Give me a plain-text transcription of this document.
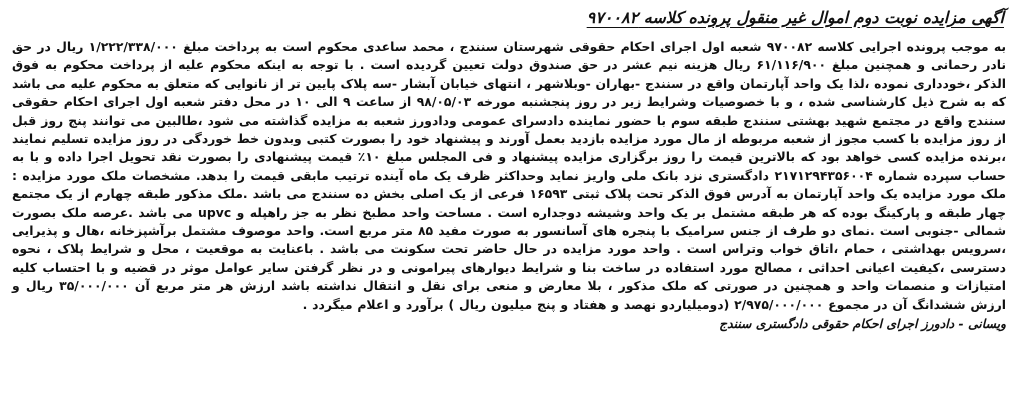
آگهی مزایده نوبت دوم اموال غیر منقول پرونده کلاسه ۹۷۰۰۸۲
به موجب پرونده اجرایی کلاسه ۹۷۰۰۸۲ شعبه اول اجرای احکام حقوقی شهرستان سنندج ، محمد ساعدی محکوم است به پرداخت مبلغ ۱/۲۲۲/۳۳۸/۰۰۰ ریال در حق نادر رحمانی و همچنین مبلغ ۶۱/۱۱۶/۹۰۰ ریال هزینه نیم عشر در حق صندوق دولت تعیین گردیده است . با توجه به اینکه محکوم علیه از پرداخت محکوم به فوق الذکر ،خودداری نموده ،لذا یک واحد آپارتمان واقع در سنندج -بهاران -وبلاشهر ، انتهای خیابان آبشار -سه پلاک پایین تر از نانوایی که متعلق به محکوم علیه می باشد که به شرح ذیل کارشناسی شده ، و با خصوصیات وشرایط زیر در روز پنجشنبه مورخه ۹۸/۰۵/۰۳ از ساعت ۹ الی ۱۰ در محل دفتر شعبه اول اجرای احکام حقوقی سنندج واقع در مجتمع شهید بهشتی سنندج طبقه سوم با حضور نماینده دادسرای عمومی ودادورز شعبه به مزایده گذاشته می شود ،طالبین می توانند پنج روز قبل از روز مزایده با کسب مجوز از شعبه مربوطه از مال مورد مزایده بازدید بعمل آورند و پیشنهاد خود را بصورت کتبی وبدون خط خوردگی در روز مزایده تسلیم نمایند ،برنده مزایده کسی خواهد بود که بالاترین قیمت را روز برگزاری مزایده پیشنهاد و فی المجلس مبلغ ۱۰٪ قیمت پیشنهادی را بصورت نقد تحویل اجرا داده و با به حساب سپرده شماره ۲۱۷۱۲۹۴۳۵۶۰۰۴ دادگستری نزد بانک ملی واریز نماید وحداکثر ظرف یک ماه آینده ترتیب مابقی قیمت را بدهد. مشخصات ملک مورد مزایده : ملک مورد مزایده یک واحد آپارتمان به آدرس فوق الذکر تحت پلاک ثبتی ۱۶۵۹۳ فرعی از یک اصلی بخش ده سنندج می باشد .ملک مذکور طبقه چهارم از یک مجتمع چهار طبقه و پارکینگ بوده که هر طبقه مشتمل بر یک واحد وشیشه دوجداره است . مساحت واحد مطبخ نظر به جز راهپله و upvc می باشد .عرصه ملک بصورت شمالی -جنوبی است .نمای دو طرف از جنس سرامیک با پنجره های آسانسور به صورت مفید ۸۵ متر مربع است. واحد موصوف مشتمل برآشپزخانه ،هال و پذیرایی ،سرویس بهداشتی ، حمام ،اتاق خواب وتراس است . واحد مورد مزایده در حال حاضر تحت سکونت می باشد . باعنایت به موقعیت ، محل و شرایط پلاک ، نحوه دسترسی ،کیفیت اعیانی احداثی ، مصالح مورد استفاده در ساخت بنا و شرایط دیوارهای پیرامونی و در نظر گرفتن سایر عوامل موثر در قضیه و با احتساب کلیه امتیازات و منصمات واحد و همچنین در صورتی که ملک مذکور ، بلا معارض و منعی برای نقل و انتقال نداشته باشد ارزش هر متر مربع آن ۳۵/۰۰۰/۰۰۰ ریال و ارزش ششدانگ آن در مجموع ۲/۹۷۵/۰۰۰/۰۰۰ (دومیلیاردو نهصد و هفتاد و پنج میلیون ریال ) برآورد و اعلام میگردد .
ویسانی - دادورز اجرای احکام حقوقی دادگستری سنندج
